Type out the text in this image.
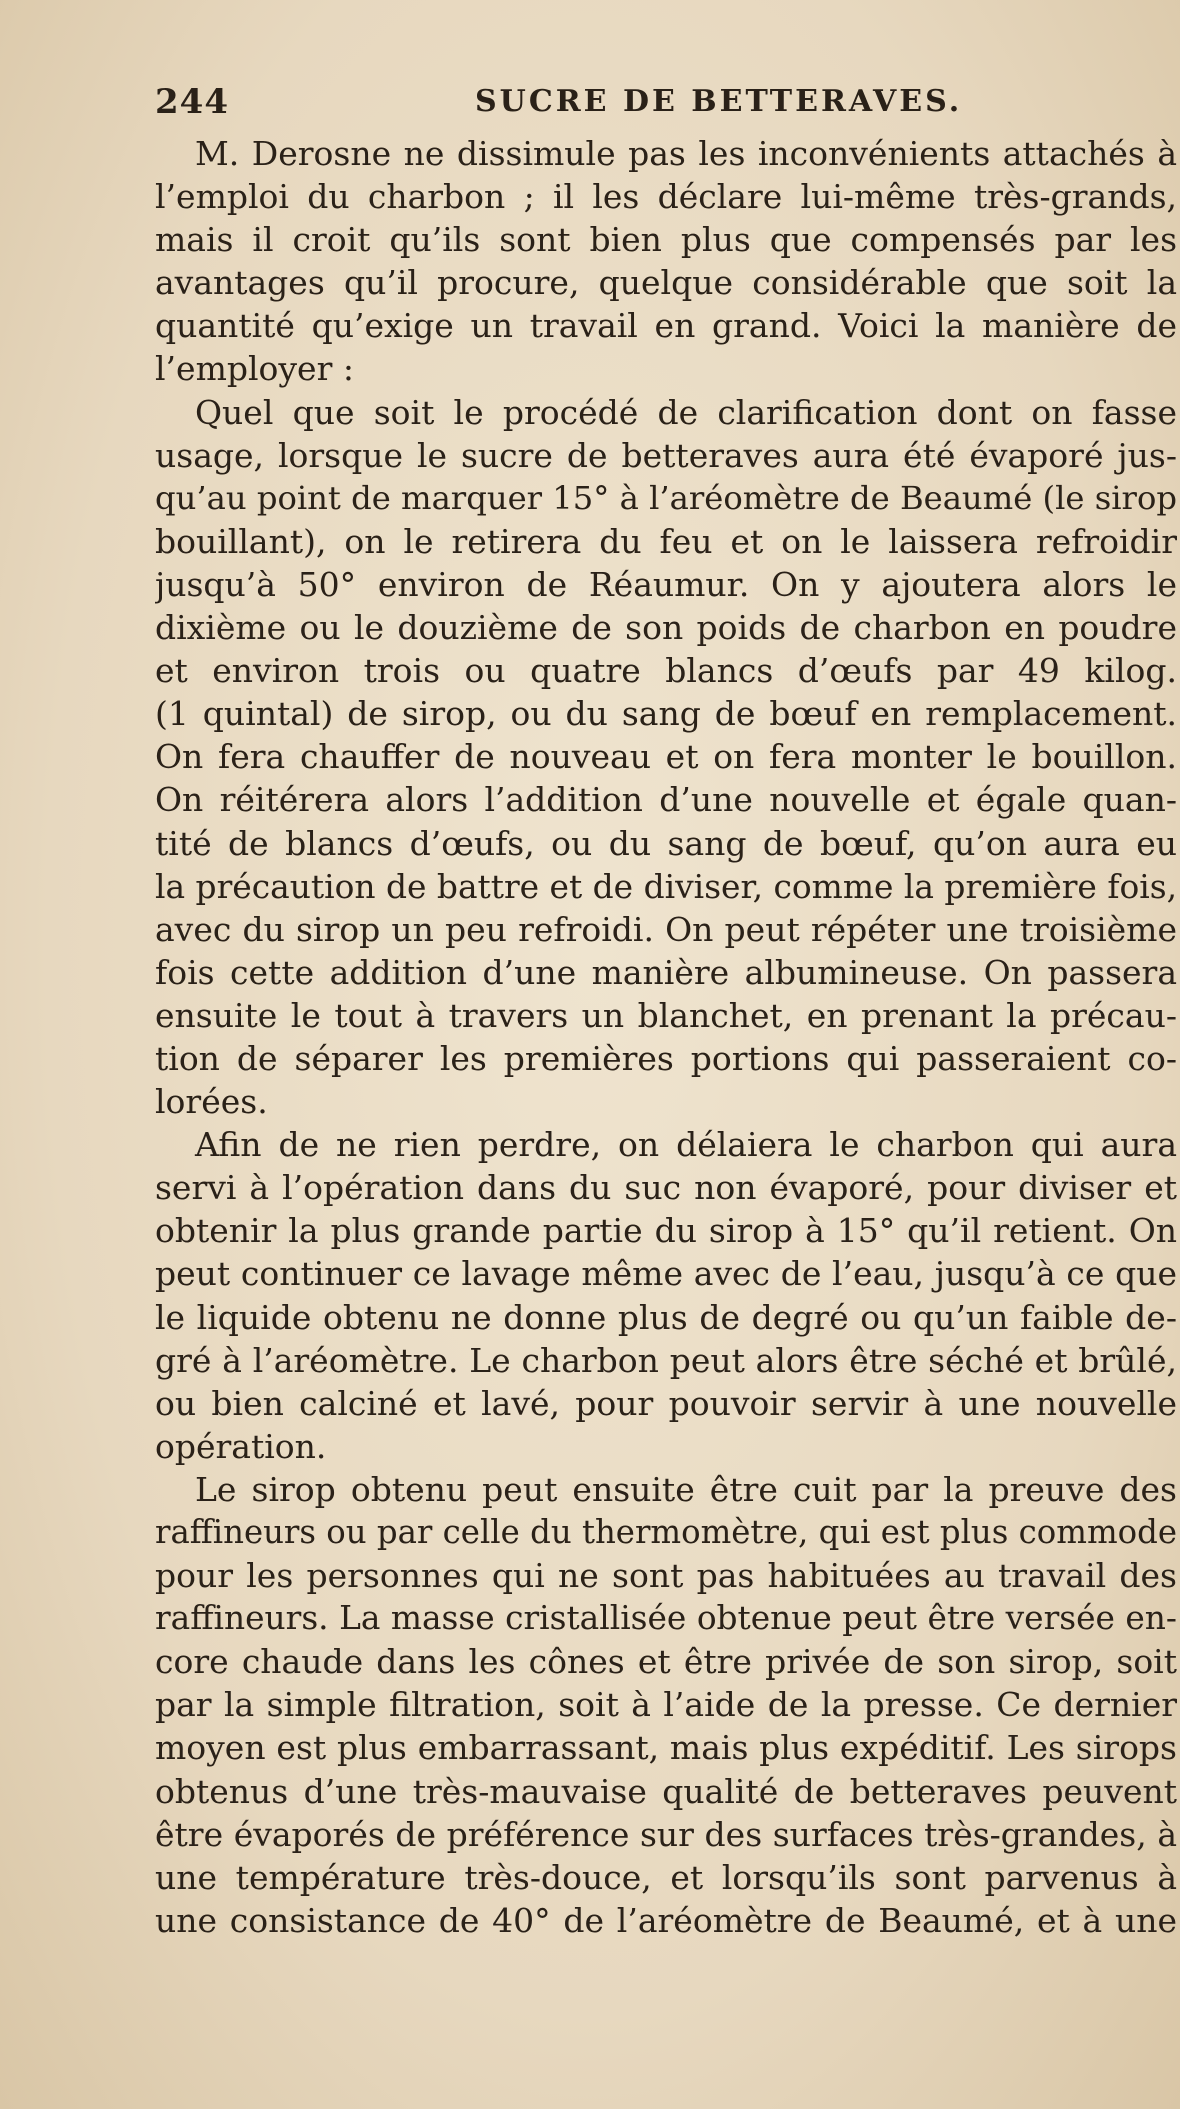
244	SUCRE DE BETTERAVES.
M. Derosne ne dissimule pas les inconvénients attachés à
l’emploi du charbon ; il les déclare lui-même très-grands,
mais il croit qu’ils sont bien plus que compensés par les
avantages qu’il procure, quelque considérable que soit la
quantité qu’exige un travail en grand. Voici la manière de
l’employer :
Quel que soit le procédé de clarification dont on fasse
usage, lorsque le sucre de betteraves aura été évaporé jus-
qu’au point de marquer 15° à l’aréomètre de Beaumé (le sirop
bouillant), on le retirera du feu et on le laissera refroidir
jusqu’à 50° environ de Réaumur. On y ajoutera alors le
dixième ou le douzième de son poids de charbon en poudre
et environ trois ou quatre blancs d’œufs par 49 kilog.
(1 quintal) de sirop, ou du sang de bœuf en remplacement.
On fera chauffer de nouveau et on fera monter le bouillon.
On réitérera alors l’addition d’une nouvelle et égale quan-
tité de blancs d’œufs, ou du sang de bœuf, qu’on aura eu
la précaution de battre et de diviser, comme la première fois,
avec du sirop un peu refroidi. On peut répéter une troisième
fois cette addition d’une manière albumineuse. On passera
ensuite le tout à travers un blanchet, en prenant la précau-
tion de séparer les premières portions qui passeraient co-
lorées.
Afin de ne rien perdre, on délaiera le charbon qui aura
servi à l’opération dans du suc non évaporé, pour diviser et
obtenir la plus grande partie du sirop à 15° qu’il retient. On
peut continuer ce lavage même avec de l’eau, jusqu’à ce que
le liquide obtenu ne donne plus de degré ou qu’un faible de-
gré à l’aréomètre. Le charbon peut alors être séché et brûlé,
ou bien calciné et lavé, pour pouvoir servir à une nouvelle
opération.
Le sirop obtenu peut ensuite être cuit par la preuve des
raffineurs ou par celle du thermomètre, qui est plus commode
pour les personnes qui ne sont pas habituées au travail des
raffineurs. La masse cristallisée obtenue peut être versée en-
core chaude dans les cônes et être privée de son sirop, soit
par la simple filtration, soit à l’aide de la presse. Ce dernier
moyen est plus embarrassant, mais plus expéditif. Les sirops
obtenus d’une très-mauvaise qualité de betteraves peuvent
être évaporés de préférence sur des surfaces très-grandes, à
une température très-douce, et lorsqu’ils sont parvenus à
une consistance de 40° de l’aréomètre de Beaumé, et à une
